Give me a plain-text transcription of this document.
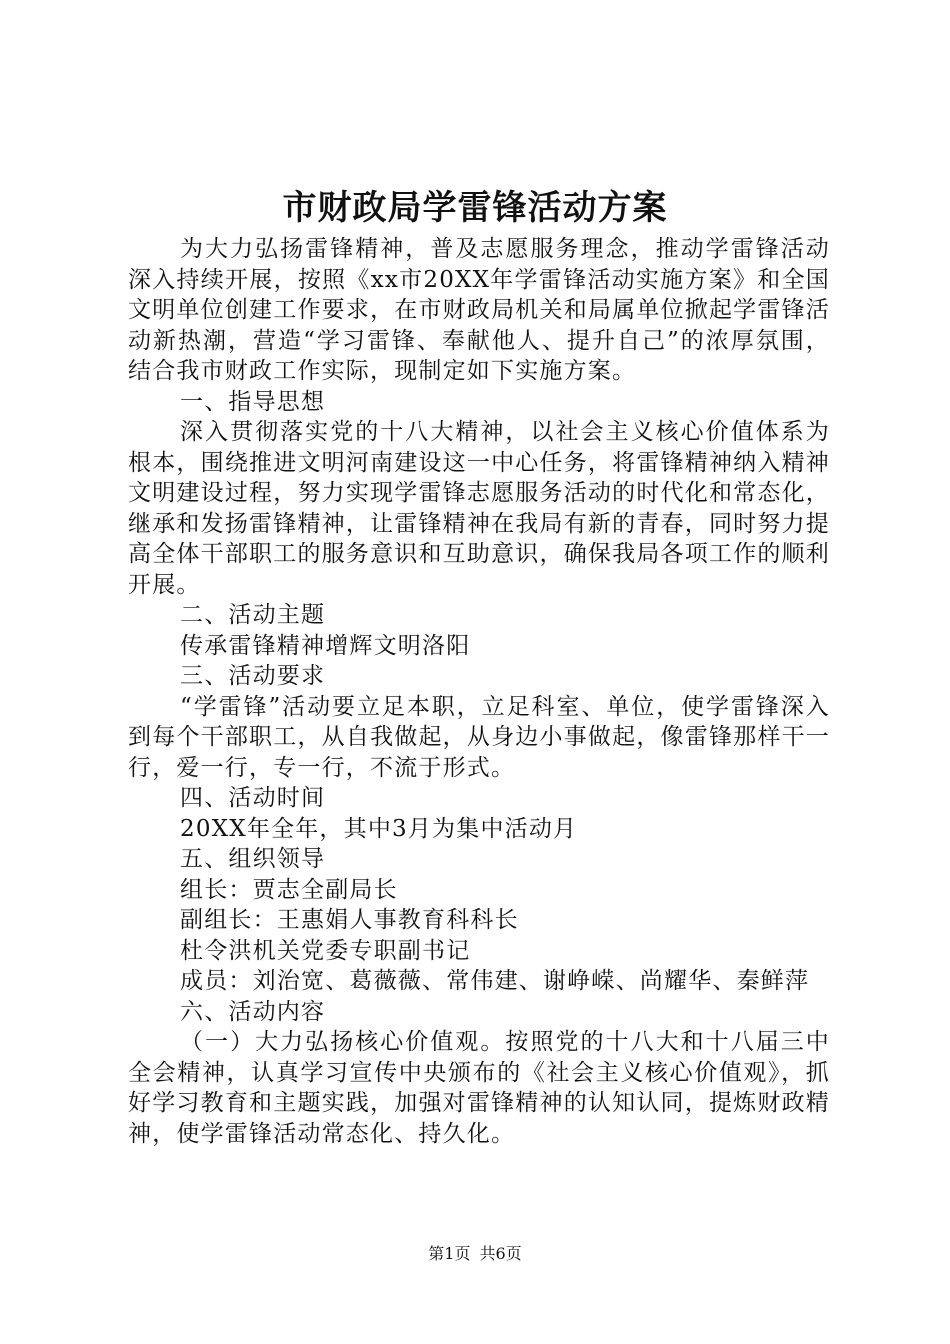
市财政局学雷锋活动方案

为大力弘扬雷锋精神，普及志愿服务理念，推动学雷锋活动深入持续开展，按照《xx市20XX年学雷锋活动实施方案》和全国文明单位创建工作要求，在市财政局机关和局属单位掀起学雷锋活动新热潮，营造“学习雷锋、奉献他人、提升自己”的浓厚氛围，结合我市财政工作实际，现制定如下实施方案。

一、指导思想

深入贯彻落实党的十八大精神，以社会主义核心价值体系为根本，围绕推进文明河南建设这一中心任务，将雷锋精神纳入精神文明建设过程，努力实现学雷锋志愿服务活动的时代化和常态化，继承和发扬雷锋精神，让雷锋精神在我局有新的青春，同时努力提高全体干部职工的服务意识和互助意识，确保我局各项工作的顺利开展。

二、活动主题

传承雷锋精神增辉文明洛阳

三、活动要求

“学雷锋”活动要立足本职，立足科室、单位，使学雷锋深入到每个干部职工，从自我做起，从身边小事做起，像雷锋那样干一行，爱一行，专一行，不流于形式。

四、活动时间

20XX年全年，其中3月为集中活动月

五、组织领导

组长：贾志全副局长

副组长：王惠娟人事教育科科长

杜令洪机关党委专职副书记

成员：刘治宽、葛薇薇、常伟建、谢峥嵘、尚耀华、秦鲜萍

六、活动内容

（一）大力弘扬核心价值观。按照党的十八大和十八届三中全会精神，认真学习宣传中央颁布的《社会主义核心价值观》，抓好学习教育和主题实践，加强对雷锋精神的认知认同，提炼财政精神，使学雷锋活动常态化、持久化。

第1页 共6页
